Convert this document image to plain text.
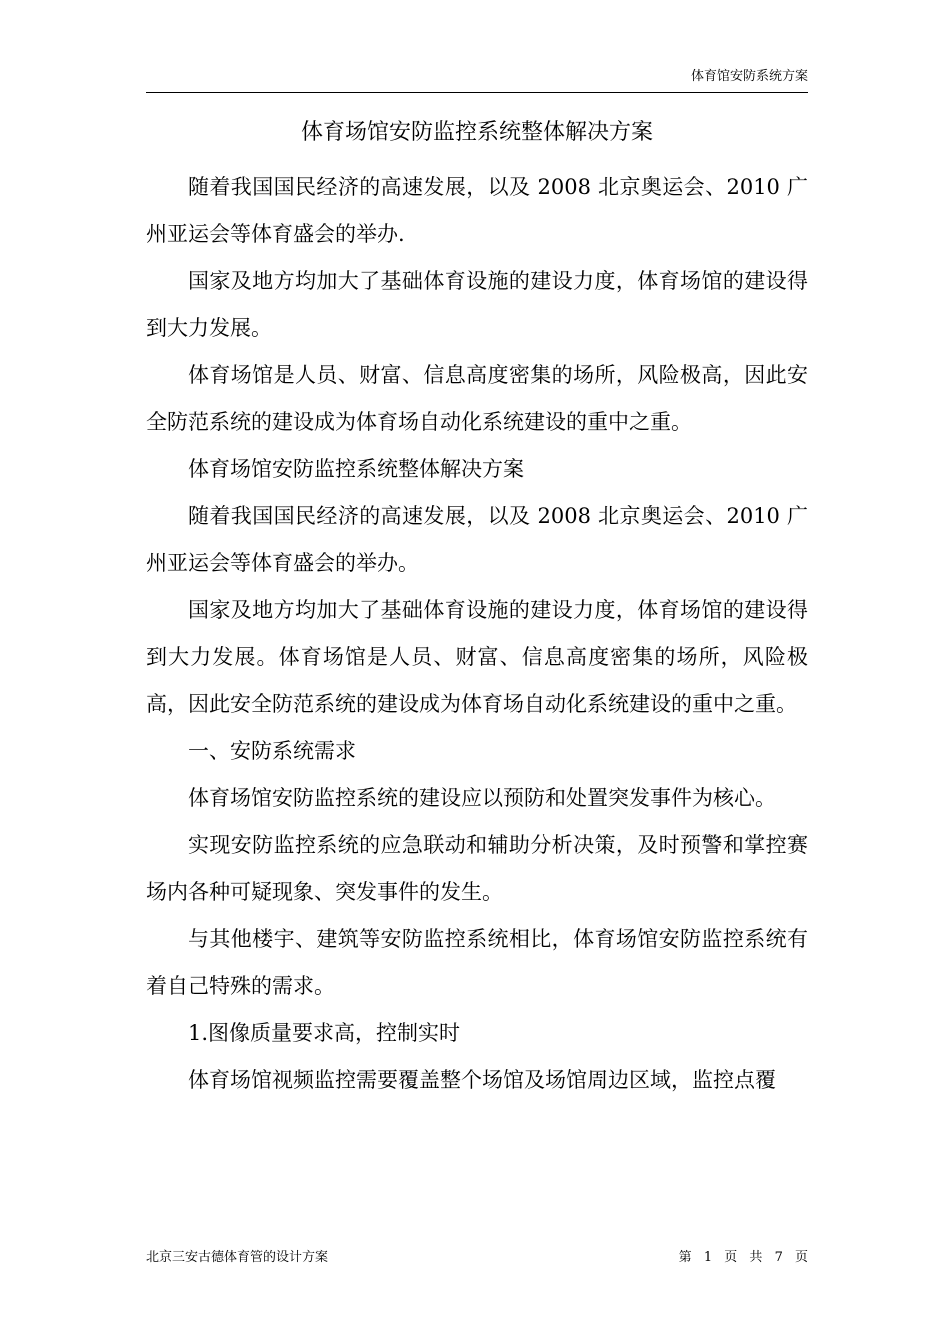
体育馆安防系统方案
体育场馆安防监控系统整体解决方案

随着我国国民经济的高速发展，以及 2008 北京奥运会、2010 广州亚运会等体育盛会的举办.

国家及地方均加大了基础体育设施的建设力度，体育场馆的建设得到大力发展。

体育场馆是人员、财富、信息高度密集的场所，风险极高，因此安全防范系统的建设成为体育场自动化系统建设的重中之重。

体育场馆安防监控系统整体解决方案

随着我国国民经济的高速发展，以及 2008 北京奥运会、2010 广州亚运会等体育盛会的举办。

国家及地方均加大了基础体育设施的建设力度，体育场馆的建设得到大力发展。体育场馆是人员、财富、信息高度密集的场所，风险极高，因此安全防范系统的建设成为体育场自动化系统建设的重中之重。

一、安防系统需求

体育场馆安防监控系统的建设应以预防和处置突发事件为核心。

实现安防监控系统的应急联动和辅助分析决策，及时预警和掌控赛场内各种可疑现象、突发事件的发生。

与其他楼宇、建筑等安防监控系统相比，体育场馆安防监控系统有着自己特殊的需求。

1.图像质量要求高，控制实时

体育场馆视频监控需要覆盖整个场馆及场馆周边区域，监控点覆

北京三安古德体育管的设计方案	第 1 页 共 7 页
